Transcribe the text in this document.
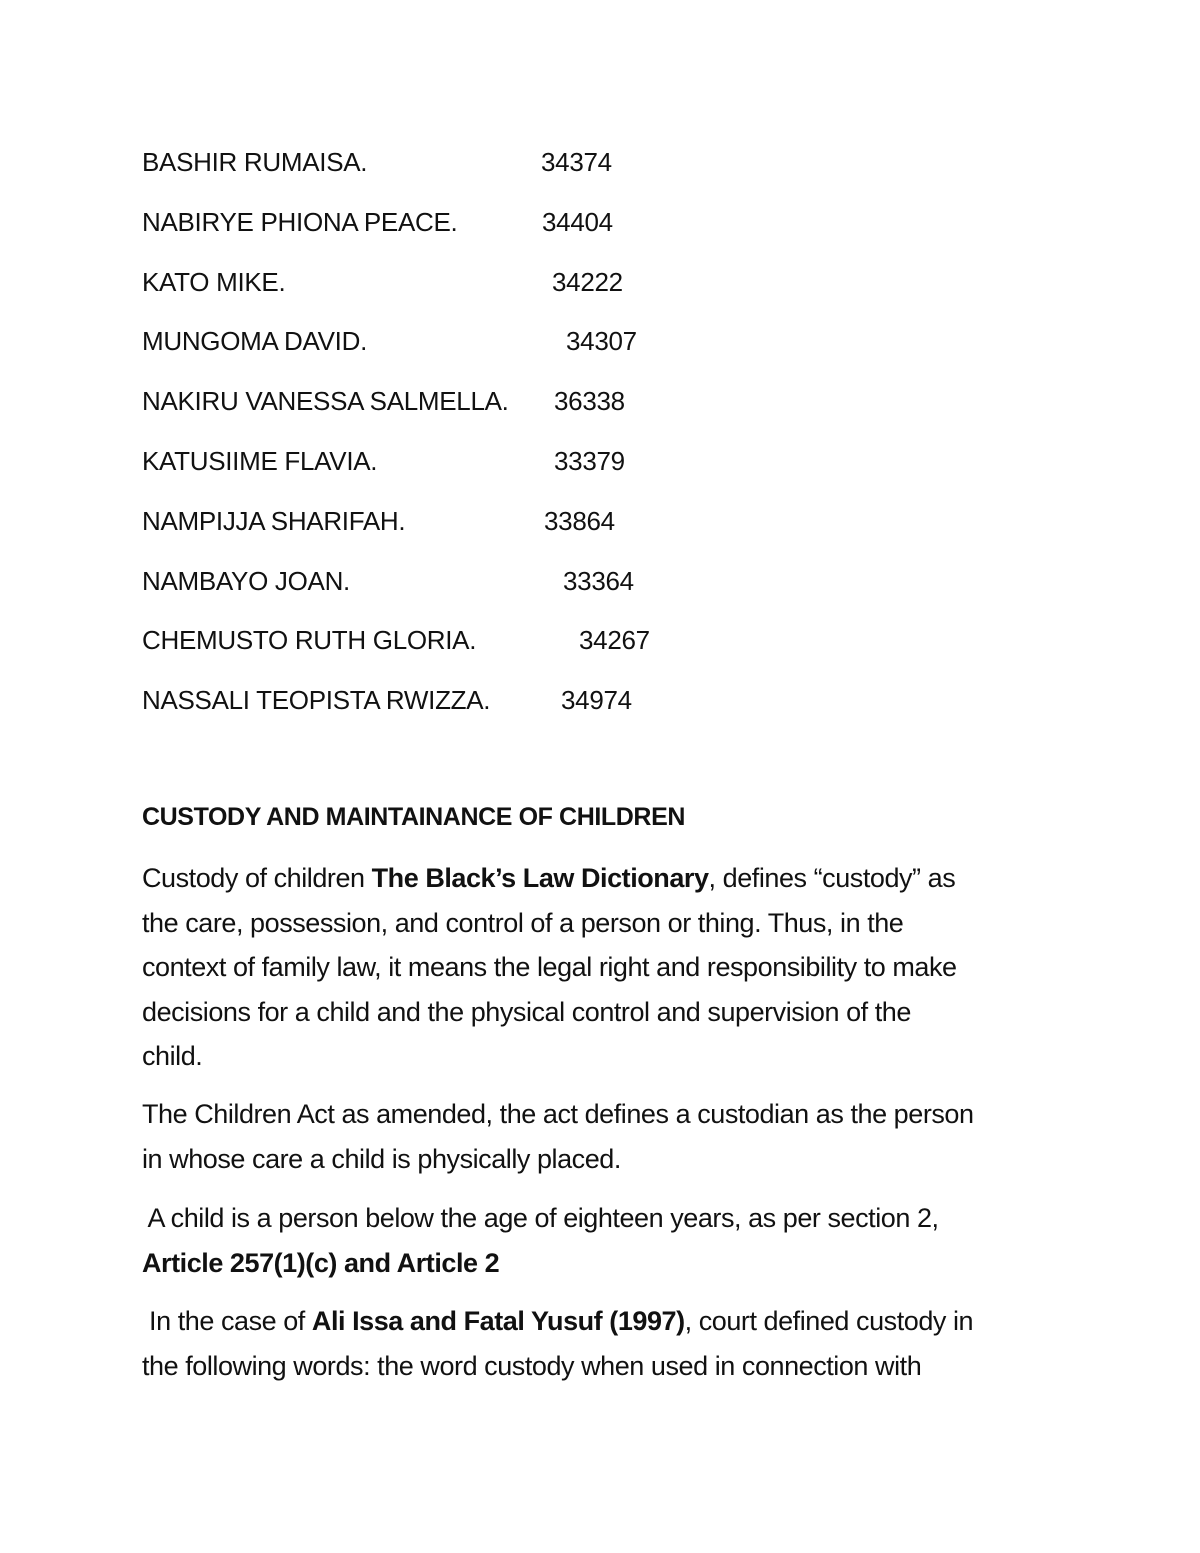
BASHIR RUMAISA.	34374
NABIRYE PHIONA PEACE.	34404
KATO MIKE.	34222
MUNGOMA DAVID.	34307
NAKIRU VANESSA SALMELLA. 36338
KATUSIIME FLAVIA.	33379
NAMPIJJA SHARIFAH.	33864
NAMBAYO JOAN.	33364
CHEMUSTO RUTH GLORIA.	34267
NASSALI TEOPISTA RWIZZA.	34974
CUSTODY AND MAINTAINANCE OF CHILDREN

Custody of children The Black’s Law Dictionary, defines “custody” as
the care, possession, and control of a person or thing. Thus, in the
context of family law, it means the legal right and responsibility to make
decisions for a child and the physical control and supervision of the
child.

The Children Act as amended, the act defines a custodian as the person
in whose care a child is physically placed.

A child is a person below the age of eighteen years, as per section 2,
Article 257(1)(c) and Article 2

In the case of Ali Issa and Fatal Yusuf (1997), court defined custody in
the following words: the word custody when used in connection with
